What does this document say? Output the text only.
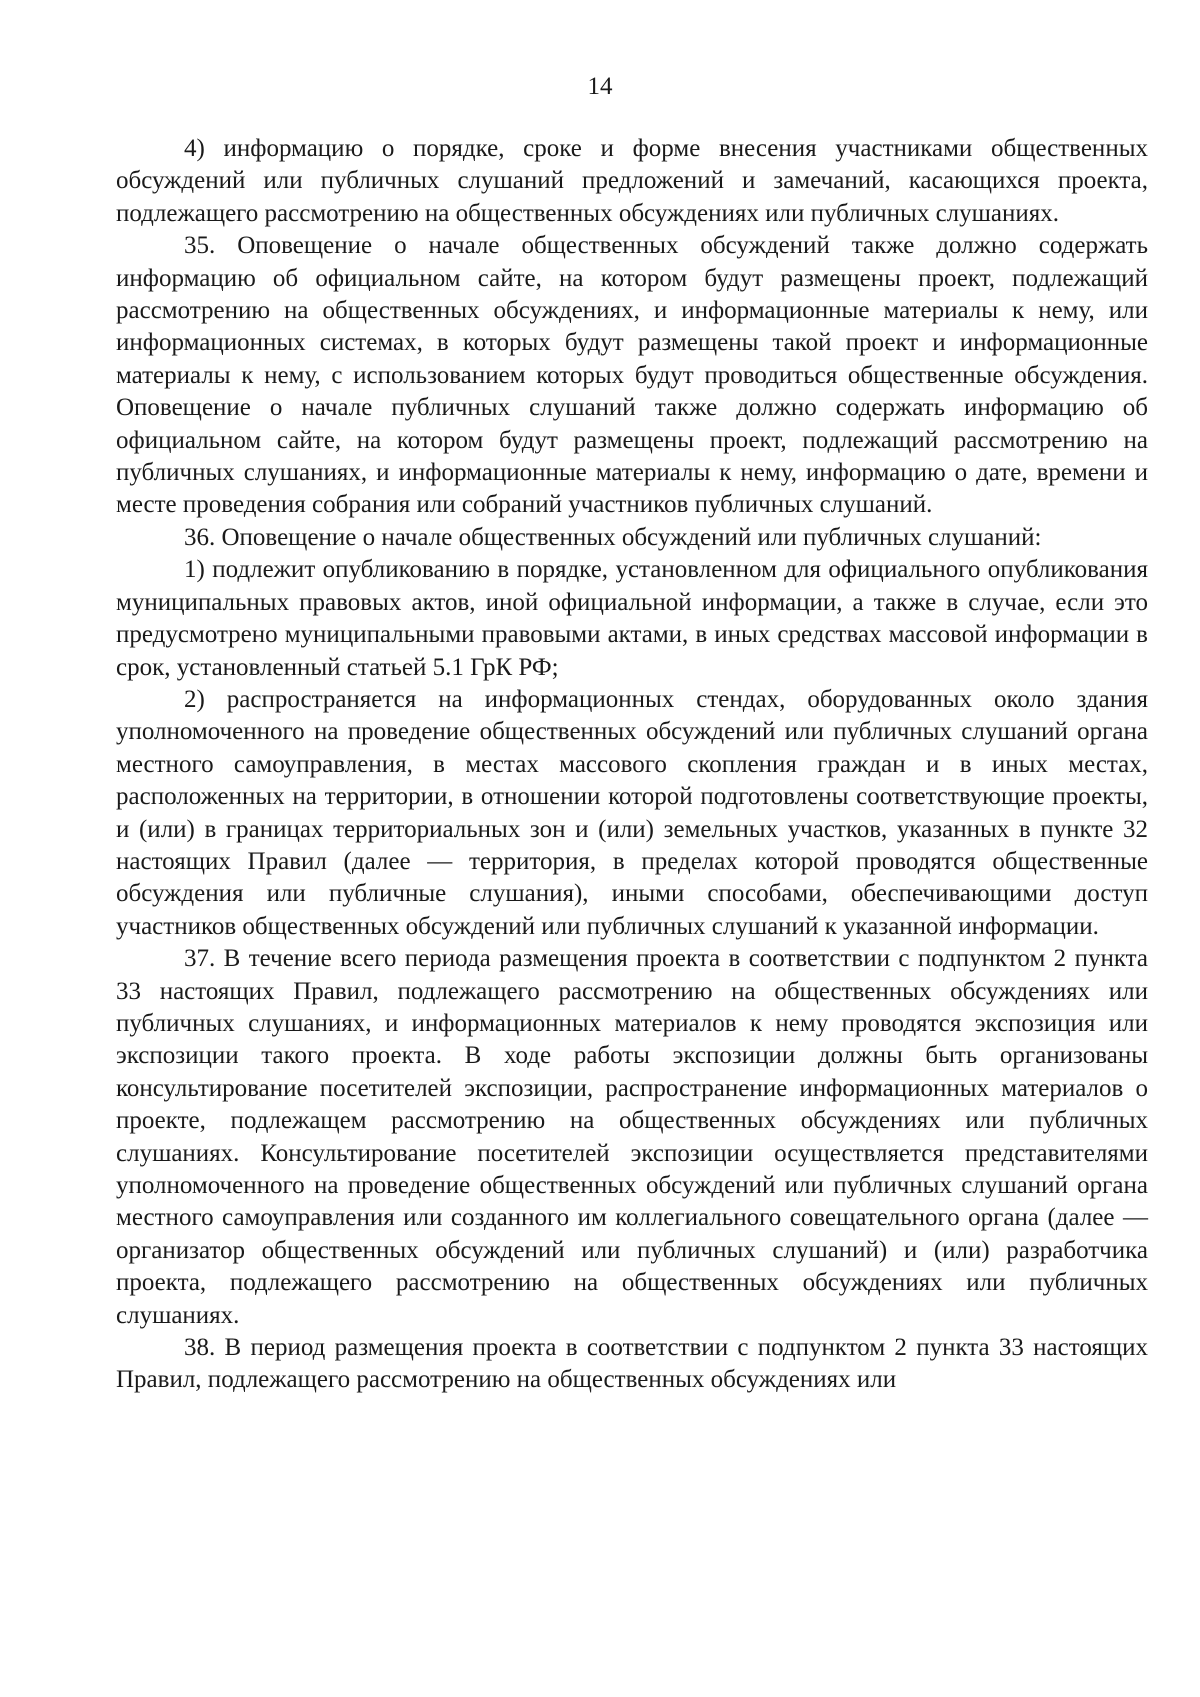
14

4) информацию о порядке, сроке и форме внесения участниками общественных обсуждений или публичных слушаний предложений и замечаний, касающихся проекта, подлежащего рассмотрению на общественных обсуждениях или публичных слушаниях.

35. Оповещение о начале общественных обсуждений также должно содержать информацию об официальном сайте, на котором будут размещены проект, подлежащий рассмотрению на общественных обсуждениях, и информационные материалы к нему, или информационных системах, в которых будут размещены такой проект и информационные материалы к нему, с использованием которых будут проводиться общественные обсуждения. Оповещение о начале публичных слушаний также должно содержать информацию об официальном сайте, на котором будут размещены проект, подлежащий рассмотрению на публичных слушаниях, и информационные материалы к нему, информацию о дате, времени и месте проведения собрания или собраний участников публичных слушаний.

36. Оповещение о начале общественных обсуждений или публичных слушаний:

1) подлежит опубликованию в порядке, установленном для официального опубликования муниципальных правовых актов, иной официальной информации, а также в случае, если это предусмотрено муниципальными правовыми актами, в иных средствах массовой информации в срок, установленный статьей 5.1 ГрК РФ;

2) распространяется на информационных стендах, оборудованных около здания уполномоченного на проведение общественных обсуждений или публичных слушаний органа местного самоуправления, в местах массового скопления граждан и в иных местах, расположенных на территории, в отношении которой подготовлены соответствующие проекты, и (или) в границах территориальных зон и (или) земельных участков, указанных в пункте 32 настоящих Правил (далее — территория, в пределах которой проводятся общественные обсуждения или публичные слушания), иными способами, обеспечивающими доступ участников общественных обсуждений или публичных слушаний к указанной информации.

37. В течение всего периода размещения проекта в соответствии с подпунктом 2 пункта 33 настоящих Правил, подлежащего рассмотрению на общественных обсуждениях или публичных слушаниях, и информационных материалов к нему проводятся экспозиция или экспозиции такого проекта. В ходе работы экспозиции должны быть организованы консультирование посетителей экспозиции, распространение информационных материалов о проекте, подлежащем рассмотрению на общественных обсуждениях или публичных слушаниях. Консультирование посетителей экспозиции осуществляется представителями уполномоченного на проведение общественных обсуждений или публичных слушаний органа местного самоуправления или созданного им коллегиального совещательного органа (далее — организатор общественных обсуждений или публичных слушаний) и (или) разработчика проекта, подлежащего рассмотрению на общественных обсуждениях или публичных слушаниях.

38. В период размещения проекта в соответствии с подпунктом 2 пункта 33 настоящих Правил, подлежащего рассмотрению на общественных обсуждениях или
